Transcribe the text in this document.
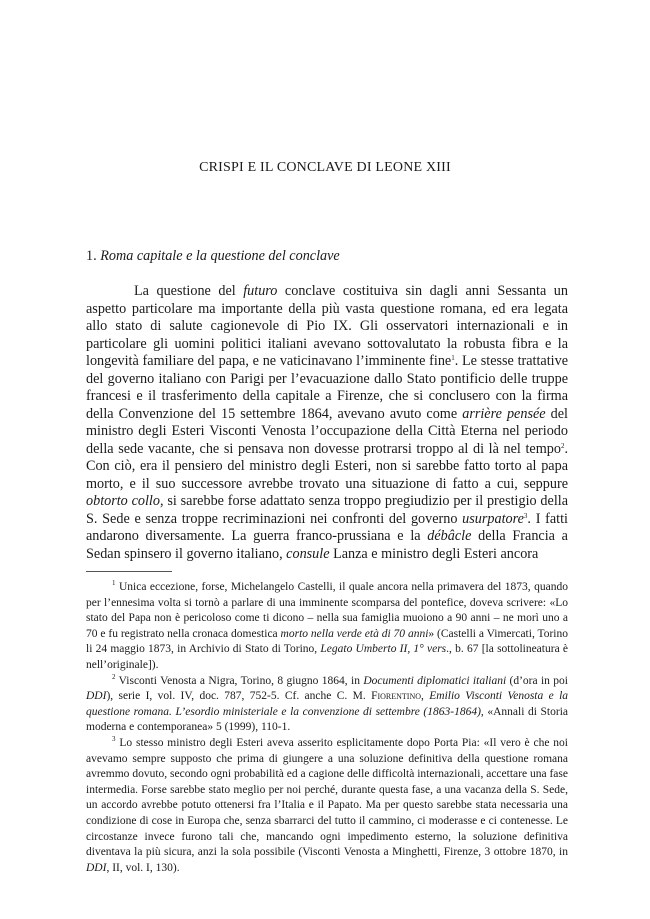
CRISPI E IL CONCLAVE DI LEONE XIII
1. Roma capitale e la questione del conclave

La questione del futuro conclave costituiva sin dagli anni Sessanta un aspetto particolare ma importante della più vasta questione romana, ed era legata allo stato di salute cagionevole di Pio IX. Gli osservatori internazionali e in particolare gli uomini politici italiani avevano sottovalutato la robusta fibra e la longevità familiare del papa, e ne vaticinavano l’imminente fine$^1$. Le stesse trattative del governo italiano con Parigi per l’evacuazione dallo Stato pontificio delle truppe francesi e il trasferimento della capitale a Firenze, che si conclusero con la firma della Convenzione del 15 settembre 1864, avevano avuto come arrière pensée del ministro degli Esteri Visconti Venosta l’occupazione della Città Eterna nel periodo della sede vacante, che si pensava non dovesse protrarsi troppo al di là nel tempo$^2$. Con ciò, era il pensiero del ministro degli Esteri, non si sarebbe fatto torto al papa morto, e il suo successore avrebbe trovato una situazione di fatto a cui, seppure obtorto collo, si sarebbe forse adattato senza troppo pregiudizio per il prestigio della S. Sede e senza troppe recriminazioni nei confronti del governo usurpatore$^3$. I fatti andarono diversamente. La guerra franco-prussiana e la débâcle della Francia a Sedan spinsero il governo italiano, consule Lanza e ministro degli Esteri ancora

$^1$ Unica eccezione, forse, Michelangelo Castelli, il quale ancora nella primavera del 1873, quando per l’ennesima volta si tornò a parlare di una imminente scomparsa del pontefice, doveva scrivere: «Lo stato del Papa non è pericoloso come ti dicono – nella sua famiglia muoiono a 90 anni – ne morì uno a 70 e fu registrato nella cronaca domestica morto nella verde età di 70 anni» (Castelli a Vimercati, Torino li 24 maggio 1873, in Archivio di Stato di Torino, Legato Umberto II, 1° vers., b. 67 [la sottolineatura è nell’originale]).

$^2$ Visconti Venosta a Nigra, Torino, 8 giugno 1864, in Documenti diplomatici italiani (d’ora in poi DDI), serie I, vol. IV, doc. 787, 752-5. Cf. anche C. M. Fiorentino, Emilio Visconti Venosta e la questione romana. L’esordio ministeriale e la convenzione di settembre (1863-1864), «Annali di Storia moderna e contemporanea» 5 (1999), 110-1.

$^3$ Lo stesso ministro degli Esteri aveva asserito esplicitamente dopo Porta Pia: «Il vero è che noi avevamo sempre supposto che prima di giungere a una soluzione definitiva della questione romana avremmo dovuto, secondo ogni probabilità ed a cagione delle difficoltà internazionali, accettare una fase intermedia. Forse sarebbe stato meglio per noi perché, durante questa fase, a una vacanza della S. Sede, un accordo avrebbe potuto ottenersi fra l’Italia e il Papato. Ma per questo sarebbe stata necessaria una condizione di cose in Europa che, senza sbarrarci del tutto il cammino, ci moderasse e ci contenesse. Le circostanze invece furono tali che, mancando ogni impedimento esterno, la soluzione definitiva diventava la più sicura, anzi la sola possibile (Visconti Venosta a Minghetti, Firenze, 3 ottobre 1870, in DDI, II, vol. I, 130).
